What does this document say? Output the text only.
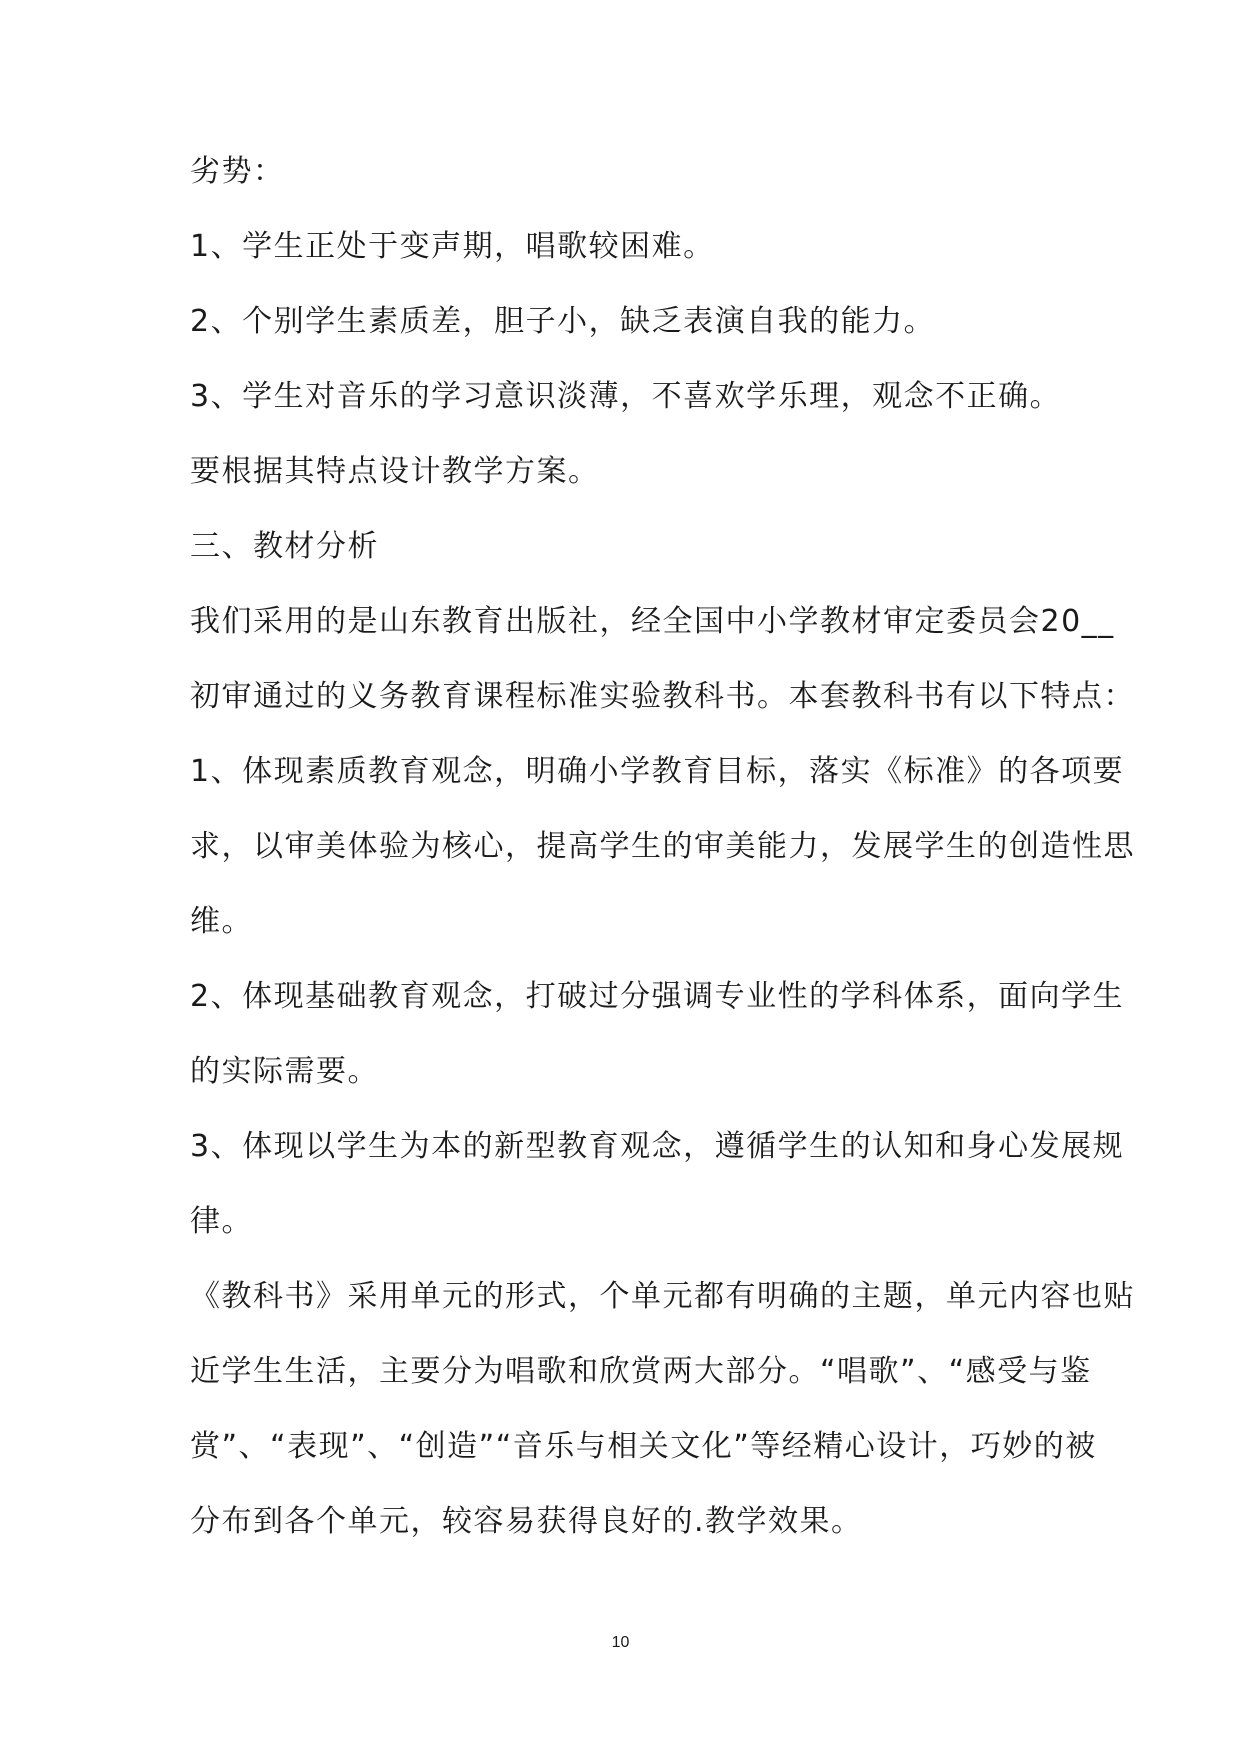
劣势：
1、学生正处于变声期，唱歌较困难。
2、个别学生素质差，胆子小，缺乏表演自我的能力。
3、学生对音乐的学习意识淡薄，不喜欢学乐理，观念不正确。
要根据其特点设计教学方案。
三、教材分析
我们采用的是山东教育出版社，经全国中小学教材审定委员会20__
初审通过的义务教育课程标准实验教科书。本套教科书有以下特点：
1、体现素质教育观念，明确小学教育目标，落实《标准》的各项要
求，以审美体验为核心，提高学生的审美能力，发展学生的创造性思
维。
2、体现基础教育观念，打破过分强调专业性的学科体系，面向学生
的实际需要。
3、体现以学生为本的新型教育观念，遵循学生的认知和身心发展规
律。
《教科书》采用单元的形式，个单元都有明确的主题，单元内容也贴
近学生生活，主要分为唱歌和欣赏两大部分。“唱歌”、“感受与鉴
赏”、“表现”、“创造”“音乐与相关文化”等经精心设计，巧妙的被
分布到各个单元，较容易获得良好的.教学效果。
10
